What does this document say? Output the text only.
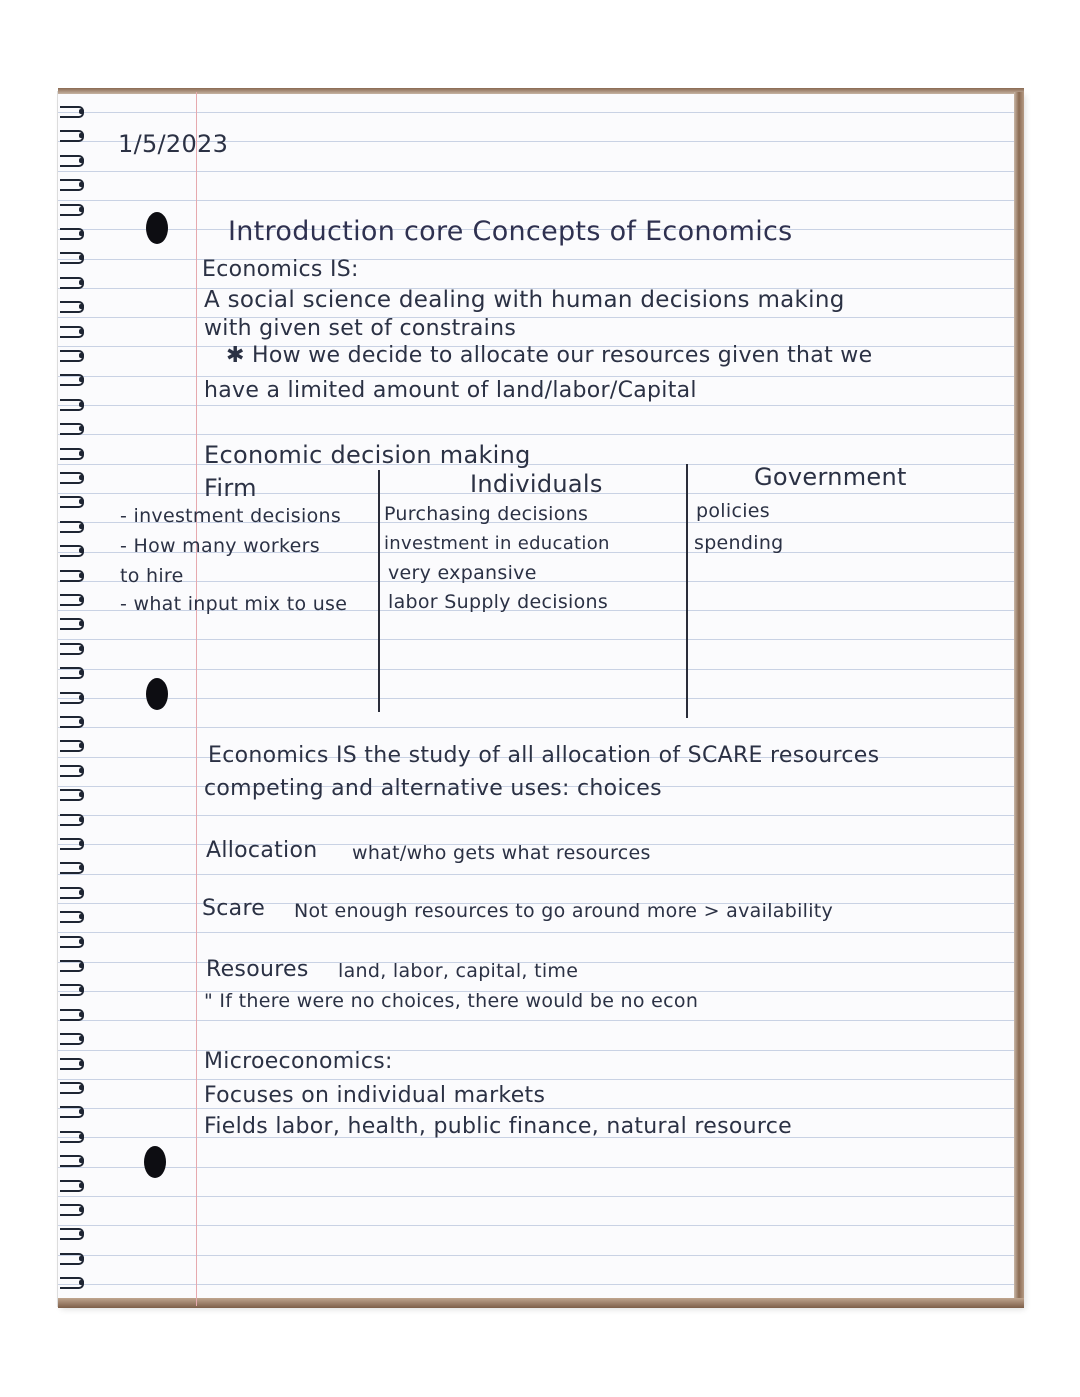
1/5/2023
Introduction core Concepts of Economics
Economics IS:
A social science dealing with human decisions making
with given set of constrains
✱ How we decide to allocate our resources given that we
have a limited amount of land/labor/Capital
Economic decision making
Firm	Individuals	Government
- investment decisions
- How many workers
to hire
- what input mix to use
Purchasing decisions
investment in education
very expansive
labor Supply decisions
policies
spending
Economics IS the study of all allocation of SCARE resources
competing and alternative uses: choices
Allocation what/who gets what resources
Scare Not enough resources to go around more > availability
Resoures land, labor, capital, time
" If there were no choices, there would be no econ
Microeconomics:
Focuses on individual markets
Fields labor, health, public finance, natural resource
